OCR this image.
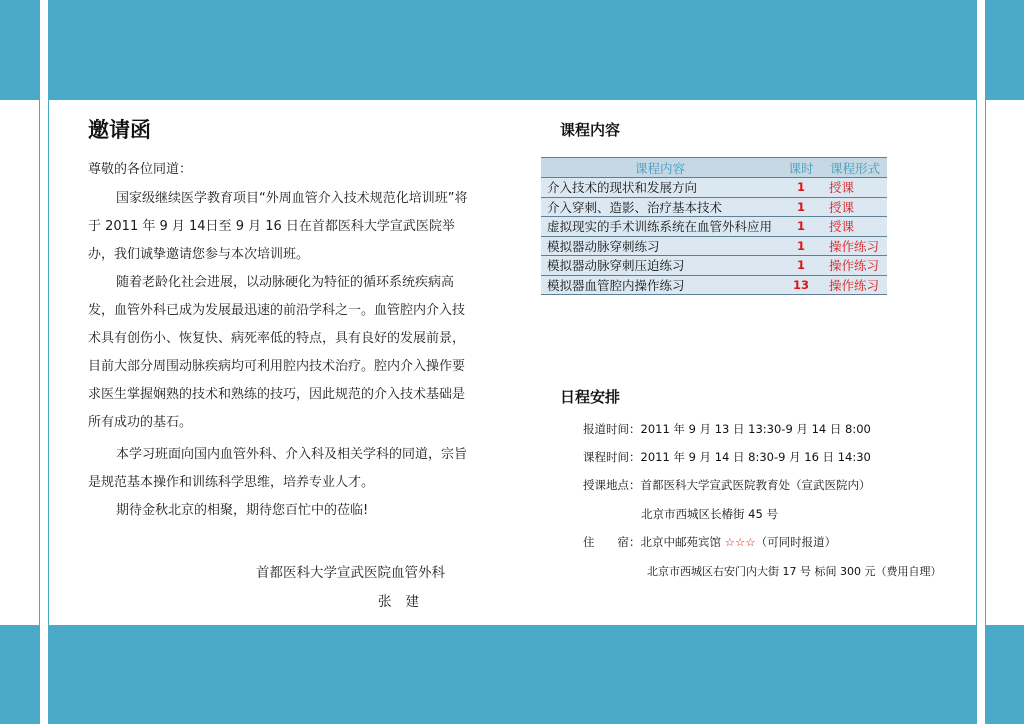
邀请函
尊敬的各位同道：

国家级继续医学教育项目“外周血管介入技术规范化培训班”将于 2011 年 9 月 14日至 9 月 16 日在首都医科大学宣武医院举办，我们诚挚邀请您参与本次培训班。

随着老龄化社会进展，以动脉硬化为特征的循环系统疾病高发，血管外科已成为发展最迅速的前沿学科之一。血管腔内介入技术具有创伤小、恢复快、病死率低的特点，具有良好的发展前景，目前大部分周围动脉疾病均可利用腔内技术治疗。腔内介入操作要求医生掌握娴熟的技术和熟练的技巧，因此规范的介入技术基础是所有成功的基石。

本学习班面向国内血管外科、介入科及相关学科的同道，宗旨是规范基本操作和训练科学思维，培养专业人才。

期待金秋北京的相聚，期待您百忙中的莅临!

首都医科大学宣武医院血管外科
张建
课程内容
课程内容	课时	课程形式
介入技术的现状和发展方向	1	授课
介入穿刺、造影、治疗基本技术	1	授课
虚拟现实的手术训练系统在血管外科应用	1	授课
模拟器动脉穿刺练习	1	操作练习
模拟器动脉穿刺压迫练习	1	操作练习
模拟器血管腔内操作练习	13	操作练习
日程安排
报道时间：2011 年 9 月 13 日 13:30-9 月 14 日 8:00
课程时间：2011 年 9 月 14 日 8:30-9 月 16 日 14:30
授课地点：首都医科大学宣武医院教育处（宣武医院内）
北京市西城区长椿街 45 号
住　　宿：北京中邮苑宾馆 ☆☆☆（可同时报道）
北京市西城区右安门内大街 17 号 标间 300 元（费用自理）
